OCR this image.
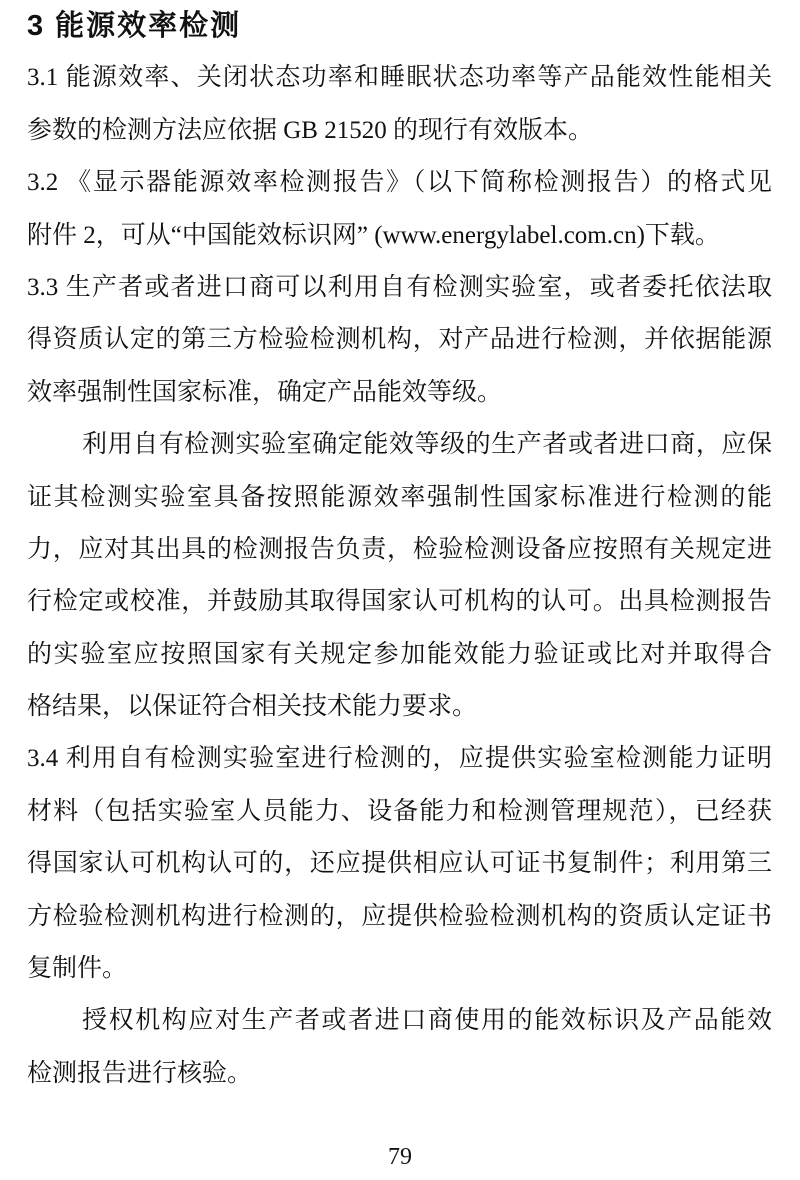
3 能源效率检测
3.1 能源效率、关闭状态功率和睡眠状态功率等产品能效性能相关
参数的检测方法应依据 GB 21520 的现行有效版本。
3.2 《显示器能源效率检测报告》（以下简称检测报告）的格式见
附件 2，可从“中国能效标识网” (www.energylabel.com.cn)下载。
3.3 生产者或者进口商可以利用自有检测实验室，或者委托依法取
得资质认定的第三方检验检测机构，对产品进行检测，并依据能源
效率强制性国家标准，确定产品能效等级。
利用自有检测实验室确定能效等级的生产者或者进口商，应保
证其检测实验室具备按照能源效率强制性国家标准进行检测的能
力，应对其出具的检测报告负责，检验检测设备应按照有关规定进
行检定或校准，并鼓励其取得国家认可机构的认可。出具检测报告
的实验室应按照国家有关规定参加能效能力验证或比对并取得合
格结果，以保证符合相关技术能力要求。
3.4 利用自有检测实验室进行检测的，应提供实验室检测能力证明
材料（包括实验室人员能力、设备能力和检测管理规范），已经获
得国家认可机构认可的，还应提供相应认可证书复制件；利用第三
方检验检测机构进行检测的，应提供检验检测机构的资质认定证书
复制件。
授权机构应对生产者或者进口商使用的能效标识及产品能效
检测报告进行核验。
79
